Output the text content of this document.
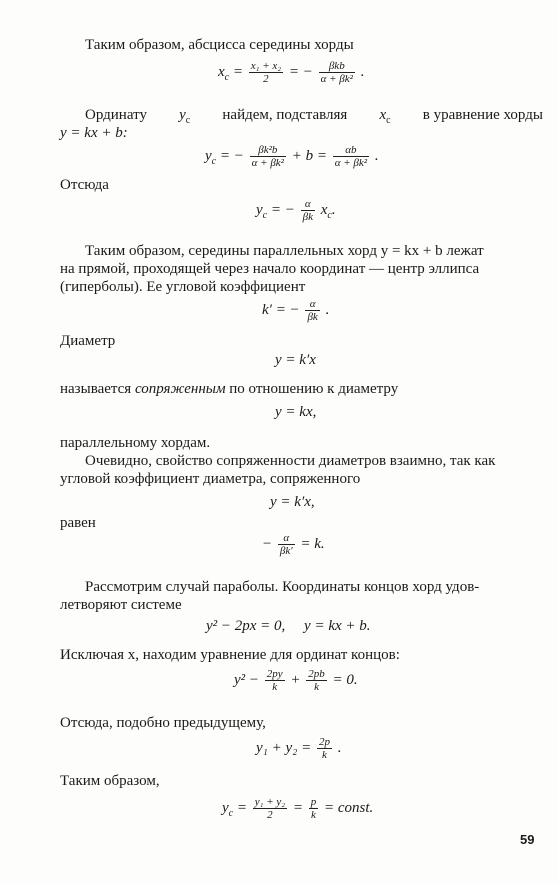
Таким образом, абсцисса середины хорды
$x_c = \frac{\text{x₁ + x₂}}{2}$ = − $\frac{\text{βkb}}{\text{α + βk²}}$ .
Ординату $y_c$ найдем, подставляя $x_c$ в уравнение хорды
y = kx + b:
$y_c$ = − $\frac{\text{βk²b}}{\text{α + βk²}} + b = \frac{\alpha b}{\text{α + βk²}}$ .
Отсюда
$y_c$ = − $\frac{\alpha}{\beta k} x_c$.
Таким образом, середины параллельных хорд y = kx + b лежат
на прямой, проходящей через начало координат — центр эллипса
(гиперболы). Ее угловой коэффициент
k′ = − $\frac{\alpha}{\beta k}$ .
Диаметр
y = k′x
называется сопряженным по отношению к диаметру
y = kx,
параллельному хордам.
Очевидно, свойство сопряженности диаметров взаимно, так как
угловой коэффициент диаметра, сопряженного
y = k′x,
равен
− $\frac{\alpha}{\beta k'} = k$.
Рассмотрим случай параболы. Координаты концов хорд удов-
летворяют системе
y² − 2px = 0,     y = kx + b.
Исключая x, находим уравнение для ординат концов:
$y^2 - \frac{2py}{k} + \frac{2pb}{k} = 0$.
Отсюда, подобно предыдущему,
$y_1 + y_2 = \frac{2p}{k}$ .
Таким образом,
$y_c = \frac{\text{y₁ + y₂}}{2} = \frac{p}{k}$ = const.
59
